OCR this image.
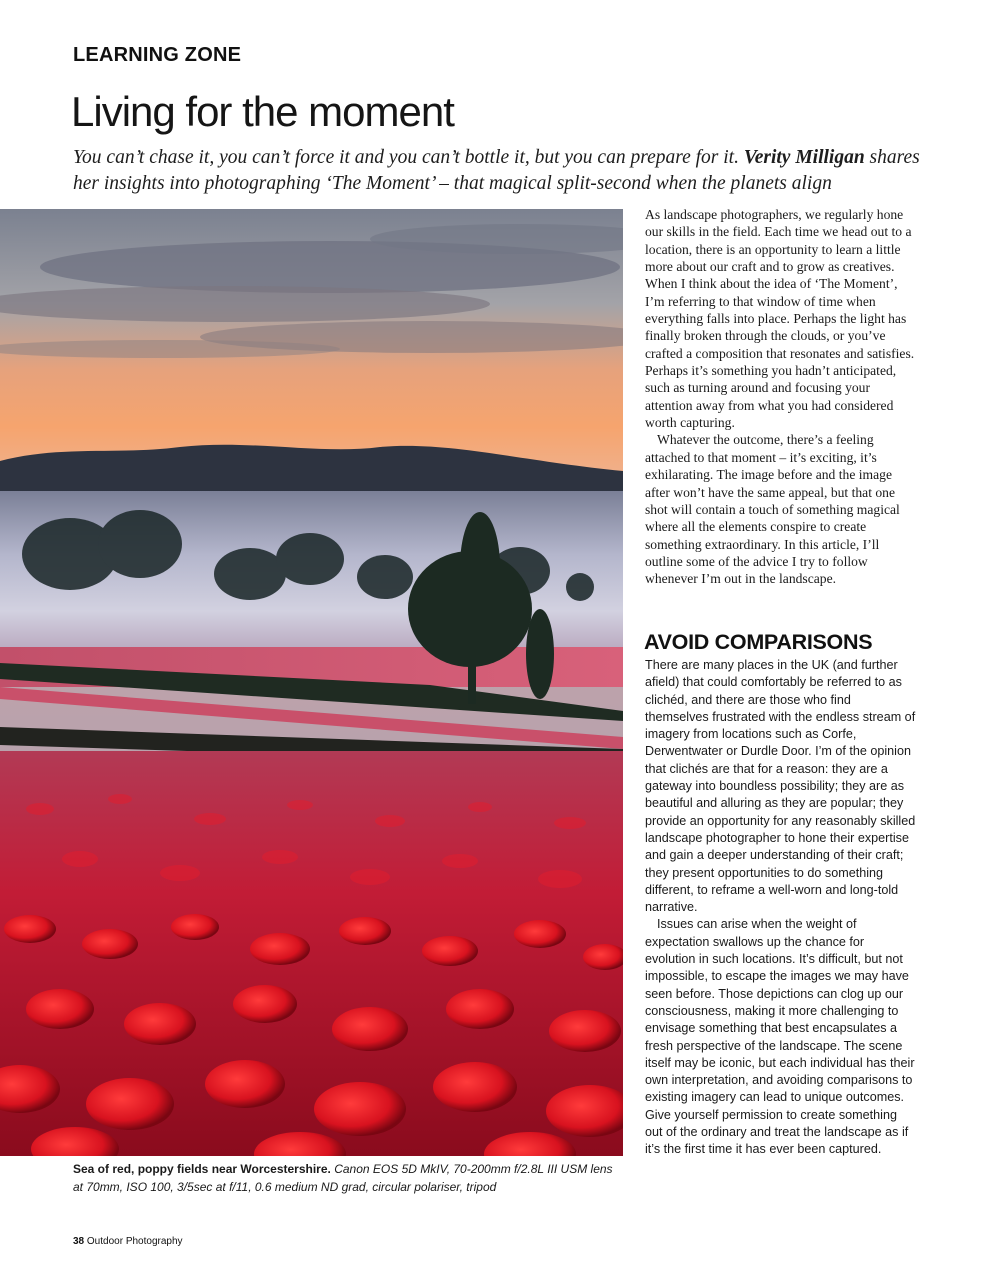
LEARNING ZONE
Living for the moment

You can’t chase it, you can’t force it and you can’t bottle it, but you can prepare for it. Verity Milligan shares her insights into photographing ‘The Moment’ – that magical split-second when the planets align

Sea of red, poppy fields near Worcestershire. Canon EOS 5D MkIV, 70-200mm f/2.8L III USM lens at 70mm, ISO 100, 3/5sec at f/11, 0.6 medium ND grad, circular polariser, tripod

As landscape photographers, we regularly hone our skills in the field. Each time we head out to a location, there is an opportunity to learn a little more about our craft and to grow as creatives. When I think about the idea of ‘The Moment’, I’m referring to that window of time when everything falls into place. Perhaps the light has finally broken through the clouds, or you’ve crafted a composition that resonates and satisfies. Perhaps it’s something you hadn’t anticipated, such as turning around and focusing your attention away from what you had considered worth capturing.

Whatever the outcome, there’s a feeling attached to that moment – it’s exciting, it’s exhilarating. The image before and the image after won’t have the same appeal, but that one shot will contain a touch of something magical where all the elements conspire to create something extraordinary. In this article, I’ll outline some of the advice I try to follow whenever I’m out in the landscape.

AVOID COMPARISONS

There are many places in the UK (and further afield) that could comfortably be referred to as clichéd, and there are those who find themselves frustrated with the endless stream of imagery from locations such as Corfe, Derwentwater or Durdle Door. I’m of the opinion that clichés are that for a reason: they are a gateway into boundless possibility; they are as beautiful and alluring as they are popular; they provide an opportunity for any reasonably skilled landscape photographer to hone their expertise and gain a deeper understanding of their craft; they present opportunities to do something different, to reframe a well-worn and long-told narrative.

Issues can arise when the weight of expectation swallows up the chance for evolution in such locations. It’s difficult, but not impossible, to escape the images we may have seen before. Those depictions can clog up our consciousness, making it more challenging to envisage something that best encapsulates a fresh perspective of the landscape. The scene itself may be iconic, but each individual has their own interpretation, and avoiding comparisons to existing imagery can lead to unique outcomes. Give yourself permission to create something out of the ordinary and treat the landscape as if it’s the first time it has ever been captured.

38 Outdoor Photography
